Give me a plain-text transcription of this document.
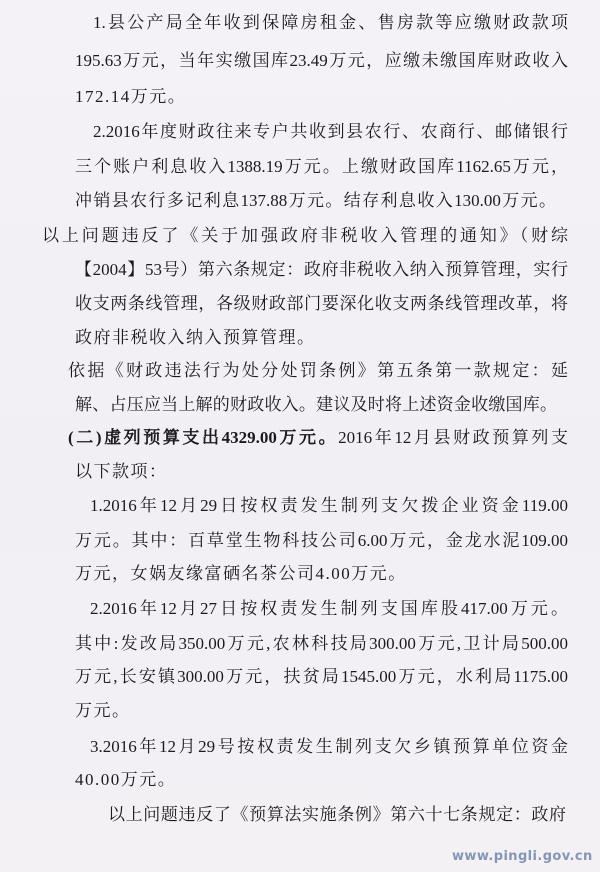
1.县公产局全年收到保障房租金、售房款等应缴财政款项
195.63万元，当年实缴国库23.49万元，应缴未缴国库财政收入
172.14万元。
2.2016年度财政往来专户共收到县农行、农商行、邮储银行
三个账户利息收入1388.19万元。上缴财政国库1162.65万元，
冲销县农行多记利息137.88万元。结存利息收入130.00万元。
以上问题违反了《关于加强政府非税收入管理的通知》（财综
【2004】53号）第六条规定：政府非税收入纳入预算管理，实行
收支两条线管理，各级财政部门要深化收支两条线管理改革，将
政府非税收入纳入预算管理。
依据《财政违法行为处分处罚条例》第五条第一款规定：延
解、占压应当上解的财政收入。建议及时将上述资金收缴国库。
(二)虚列预算支出4329.00万元。2016年12月县财政预算列支
以下款项：
1.2016年12月29日按权责发生制列支欠拨企业资金119.00
万元。其中：百草堂生物科技公司6.00万元，金龙水泥109.00
万元，女娲友缘富硒名茶公司4.00万元。
2.2016年12月27日按权责发生制列支国库股417.00万元。
其中:发改局350.00万元,农林科技局300.00万元,卫计局500.00
万元,长安镇300.00万元，扶贫局1545.00万元，水利局1175.00
万元。
3.2016年12月29号按权责发生制列支欠乡镇预算单位资金
40.00万元。
以上问题违反了《预算法实施条例》第六十七条规定：政府
www.pingli.gov.cn
